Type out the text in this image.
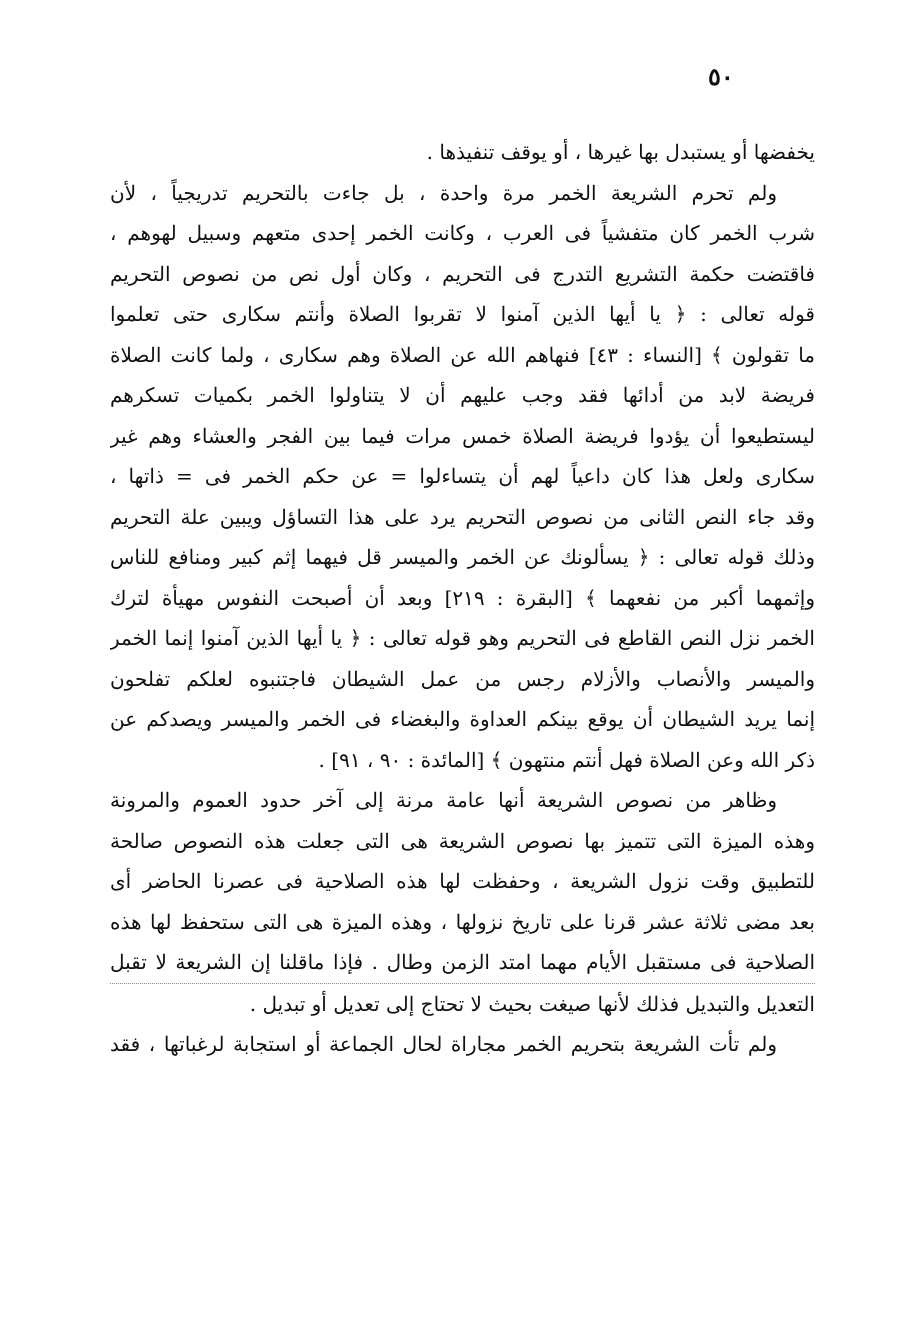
٥٠
يخفضها أو يستبدل بها غيرها ، أو يوقف تنفيذها .
ولم تحرم الشريعة الخمر مرة واحدة ، بل جاءت بالتحريم تدريجياً ، لأن
شرب الخمر كان متفشياً فى العرب ، وكانت الخمر إحدى متعهم وسبيل لهوهم ،
فاقتضت حكمة التشريع التدرج فى التحريم ، وكان أول نص من نصوص التحريم
قوله تعالى : ﴿ يا أيها الذين آمنوا لا تقربوا الصلاة وأنتم سكارى حتى تعلموا
ما تقولون ﴾ [النساء : ٤٣] فنهاهم الله عن الصلاة وهم سكارى ، ولما كانت الصلاة
فريضة لابد من أدائها فقد وجب عليهم أن لا يتناولوا الخمر بكميات تسكرهم
ليستطيعوا أن يؤدوا فريضة الصلاة خمس مرات فيما بين الفجر والعشاء وهم غير
سكارى ولعل هذا كان داعياً لهم أن يتساءلوا = عن حكم الخمر فى = ذاتها ،
وقد جاء النص الثانى من نصوص التحريم يرد على هذا التساؤل ويبين علة التحريم
وذلك قوله تعالى : ﴿ يسألونك عن الخمر والميسر قل فيهما إثم كبير ومنافع للناس
وإثمهما أكبر من نفعهما ﴾ [البقرة : ٢١٩] وبعد أن أصبحت النفوس مهيأة لترك
الخمر نزل النص القاطع فى التحريم وهو قوله تعالى : ﴿ يا أيها الذين آمنوا إنما الخمر
والميسر والأنصاب والأزلام رجس من عمل الشيطان فاجتنبوه لعلكم تفلحون
إنما يريد الشيطان أن يوقع بينكم العداوة والبغضاء فى الخمر والميسر ويصدكم عن
ذكر الله وعن الصلاة فهل أنتم منتهون ﴾ [المائدة : ٩٠ ، ٩١] .
وظاهر من نصوص الشريعة أنها عامة مرنة إلى آخر حدود العموم والمرونة
وهذه الميزة التى تتميز بها نصوص الشريعة هى التى جعلت هذه النصوص صالحة
للتطبيق وقت نزول الشريعة ، وحفظت لها هذه الصلاحية فى عصرنا الحاضر أى
بعد مضى ثلاثة عشر قرنا على تاريخ نزولها ، وهذه الميزة هى التى ستحفظ لها هذه
الصلاحية فى مستقبل الأيام مهما امتد الزمن وطال . فإذا ماقلنا إن الشريعة لا تقبل
التعديل والتبديل فذلك لأنها صيغت بحيث لا تحتاج إلى تعديل أو تبديل .
ولم تأت الشريعة بتحريم الخمر مجاراة لحال الجماعة أو استجابة لرغباتها ، فقد
